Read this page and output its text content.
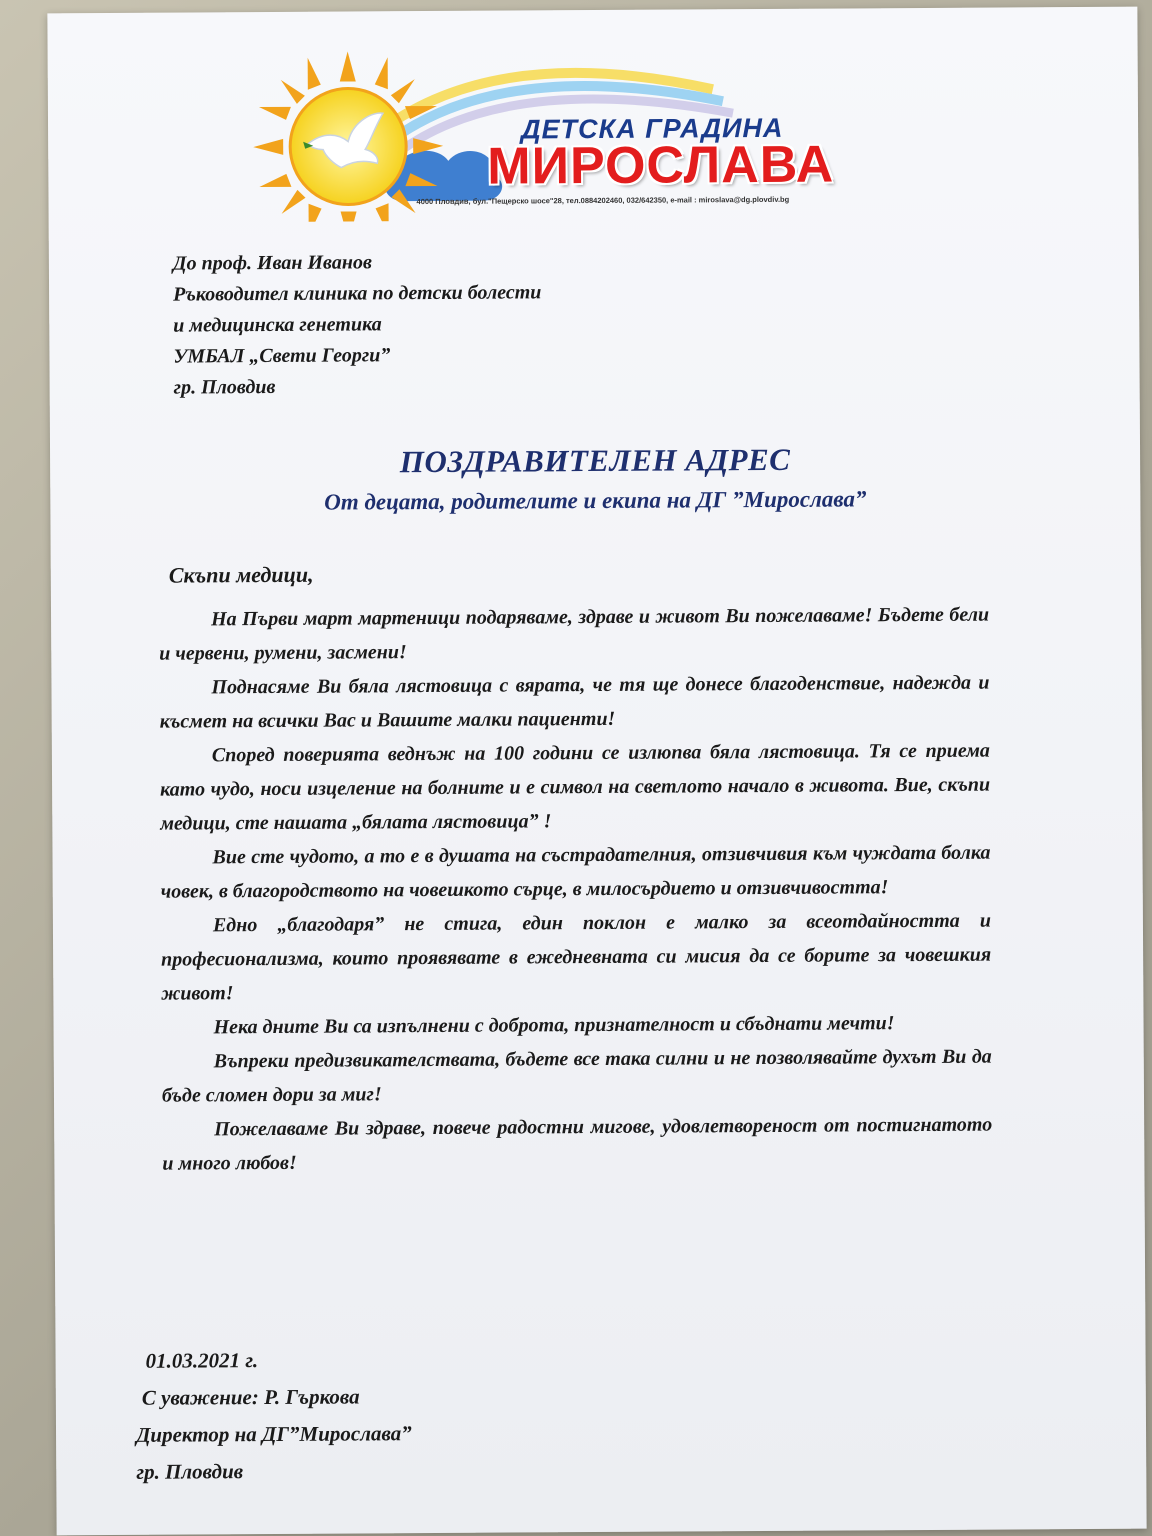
ДЕТСКА ГРАДИНА
МИРОСЛАВА
4000 Пловдив, бул."Пещерско шосе"28, тел.0884202460, 032/642350, e-mail : miroslava@dg.plovdiv.bg
До проф. Иван Иванов
Ръководител клиника по детски болести
и медицинска генетика
УМБАЛ „Свети Георги”
гр. Пловдив
ПОЗДРАВИТЕЛЕН АДРЕС
От децата, родителите и екипа на ДГ ”Мирослава”
Скъпи медици,

На Първи март мартеници подаряваме, здраве и живот Ви пожелаваме! Бъдете бели и червени, румени, засмени!

Поднасяме Ви бяла лястовица с вярата, че тя ще донесе благоденствие, надежда и късмет на всички Вас и Вашите малки пациенти!

Според поверията веднъж на 100 години се излюпва бяла лястовица. Тя се приема като чудо, носи изцеление на болните и е символ на светлото начало в живота. Вие, скъпи медици, сте нашата „бялата лястовица” !

Вие сте чудото, а то е в душата на състрадателния, отзивчивия към чуждата болка човек, в благородството на човешкото сърце, в милосърдието и отзивчивостта!

Едно „благодаря” не стига, един поклон е малко за всеотдайността и професионализма, които проявявате в ежедневната си мисия да се борите за човешкия живот!

Нека дните Ви са изпълнени с доброта, признателност и сбъднати мечти!

Въпреки предизвикателствата, бъдете все така силни и не позволявайте духът Ви да бъде сломен дори за миг!

Пожелаваме Ви здраве, повече радостни мигове, удовлетвореност от постигнатото и много любов!

01.03.2021 г.
С уважение: Р. Гъркова
Директор на ДГ”Мирослава”
гр. Пловдив
